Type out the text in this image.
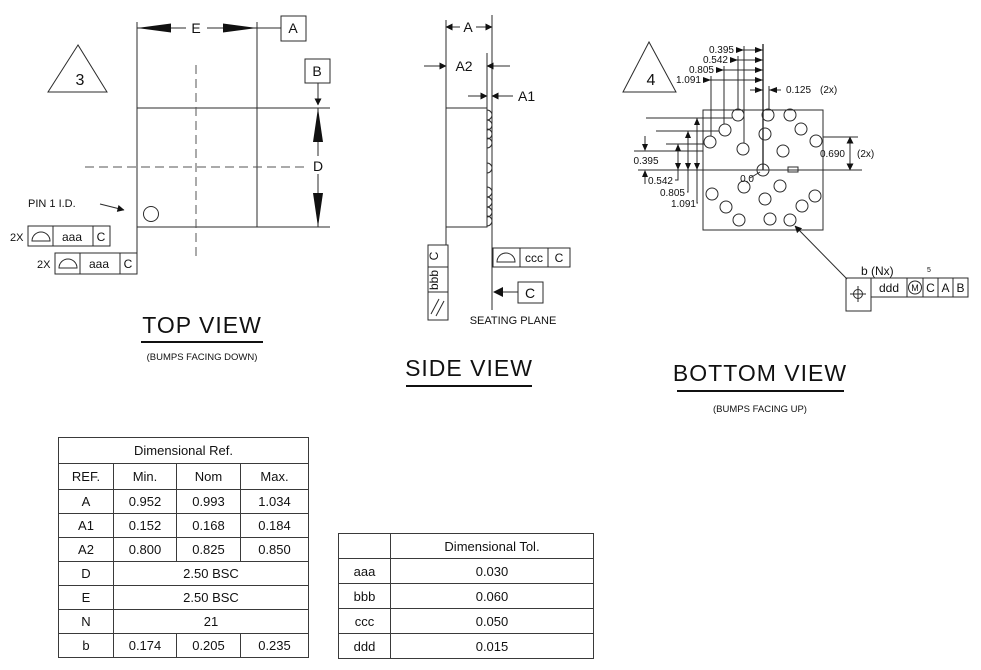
3
E	A
B
D
PIN 1 I.D.
2X	aaa C
2X	aaa C
TOP VIEW
(BUMPS FACING DOWN)
A
A2
A1
C
bbb
ccc C
C
SEATING PLANE
SIDE VIEW
4
0.395
0.542
0.805
1.091
0.125 (2x)
0.690 (2x)
0.395
0.542
0.805
1.091
0,0
b (Nx)	5
ddd M C A B
BOTTOM VIEW
(BUMPS FACING UP)
Dimensional Ref.			
REF.	Min.	Nom	Max.
A	0.952	0.993	1.034
A1	0.152	0.168	0.184
A2	0.800	0.825	0.850
D	2.50 BSC		
E	2.50 BSC		
N	21		
b	0.174	0.205	0.235
	Dimensional Tol.
aaa	0.030
bbb	0.060
ccc	0.050
ddd	0.015
